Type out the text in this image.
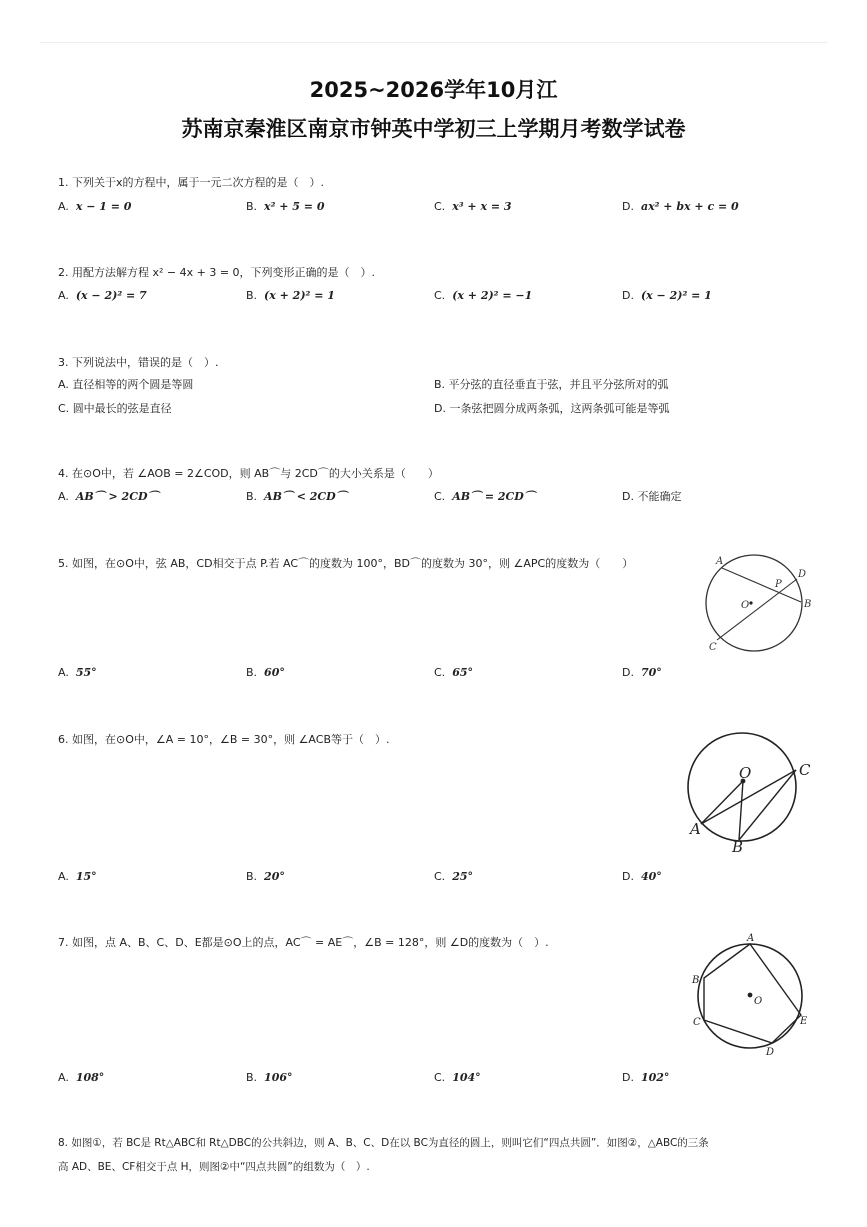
2025~2026学年10月江
苏南京秦淮区南京市钟英中学初三上学期月考数学试卷
1. 下列关于x的方程中，属于一元二次方程的是（　）.
A. x − 1 = 0	B. x² + 5 = 0	C. x³ + x = 3	D. ax² + bx + c = 0
2. 用配方法解方程 x² − 4x + 3 = 0，下列变形正确的是（　）.
A. (x − 2)² = 7	B. (x + 2)² = 1	C. (x + 2)² = −1	D. (x − 2)² = 1
3. 下列说法中，错误的是（　）.
A. 直径相等的两个圆是等圆	B. 平分弦的直径垂直于弦，并且平分弦所对的弧
C. 圆中最长的弦是直径	D. 一条弦把圆分成两条弧，这两条弧可能是等弧
4. 在⊙O中，若 ∠AOB = 2∠COD，则 AB⌒与 2CD⌒的大小关系是（　　）
A. AB⌒ > 2CD⌒	B. AB⌒ < 2CD⌒	C. AB⌒ = 2CD⌒	D. 不能确定
5. 如图，在⊙O中，弦 AB，CD相交于点 P.若 AC⌒的度数为 100°，BD⌒的度数为 30°，则 ∠APC的度数为（　　）	A
D
P
O	B
C
A. 55°	B. 60°	C. 65°	D. 70°
6. 如图，在⊙O中，∠A = 10°，∠B = 30°，则 ∠ACB等于（　）.
O	C
A
B
A. 15°	B. 20°	C. 25°	D. 40°
7. 如图，点 A、B、C、D、E都是⊙O上的点，AC⌒ = AE⌒，∠B = 128°，则 ∠D的度数为（　）.	A
B
O
C	E
D
A. 108°	B. 106°	C. 104°	D. 102°
8. 如图①，若 BC是 Rt△ABC和 Rt△DBC的公共斜边，则 A、B、C、D在以 BC为直径的圆上，则叫它们“四点共圆”．如图②，△ABC的三条
高 AD、BE、CF相交于点 H，则图②中“四点共圆”的组数为（　）.
